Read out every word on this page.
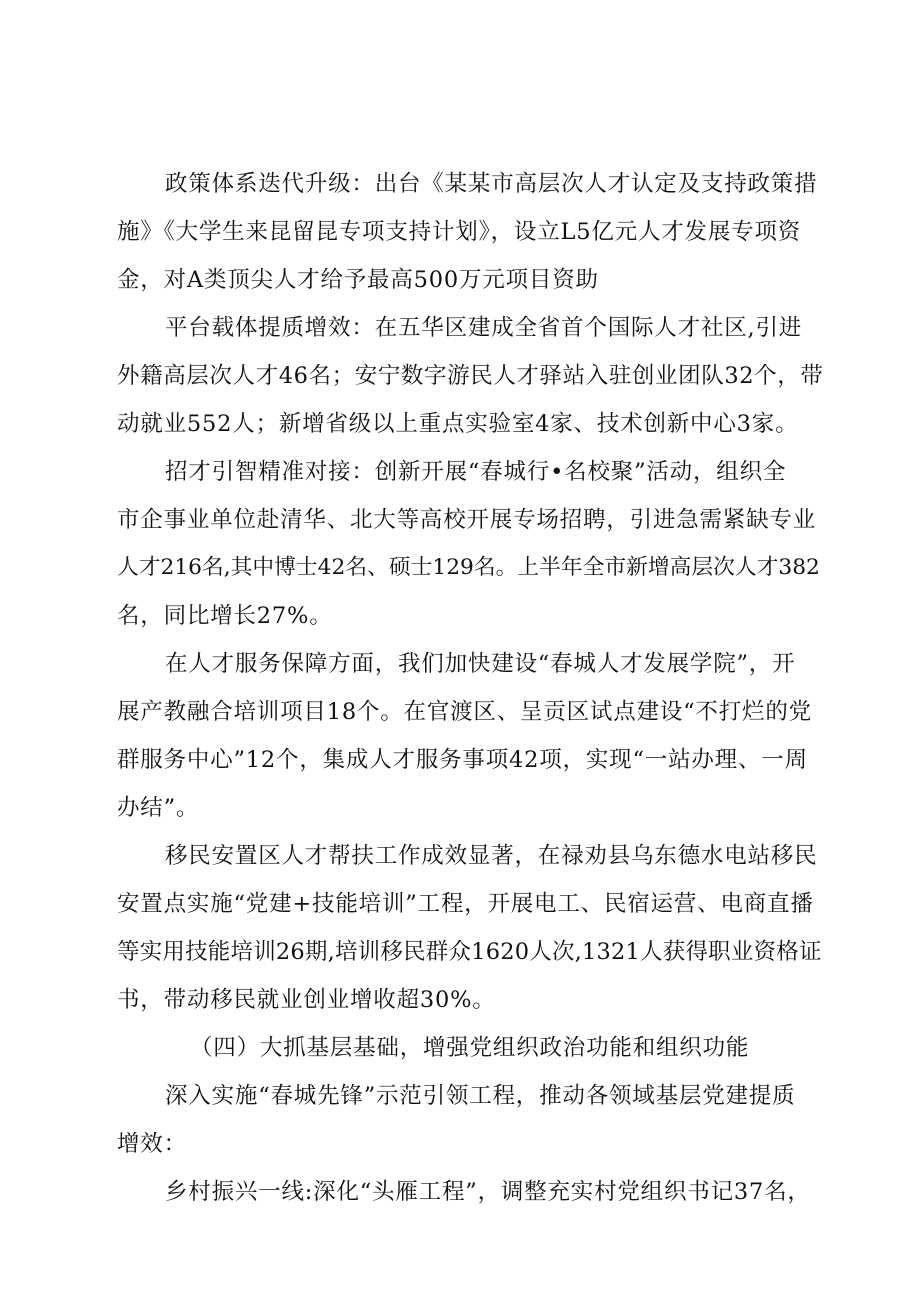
政策体系迭代升级：出台《某某市高层次人才认定及支持政策措
施》《大学生来昆留昆专项支持计划》，设立L5亿元人才发展专项资
金，对A类顶尖人才给予最高500万元项目资助
平台载体提质增效：在五华区建成全省首个国际人才社区,引进
外籍高层次人才46名；安宁数字游民人才驿站入驻创业团队32个，带
动就业552人；新增省级以上重点实验室4家、技术创新中心3家。
招才引智精准对接：创新开展“春城行•名校聚”活动，组织全
市企事业单位赴清华、北大等高校开展专场招聘，引进急需紧缺专业
人才216名,其中博士42名、硕士129名。上半年全市新增高层次人才382
名，同比增长27%。
在人才服务保障方面，我们加快建设“春城人才发展学院”，开
展产教融合培训项目18个。在官渡区、呈贡区试点建设“不打烂的党
群服务中心”12个，集成人才服务事项42项，实现“一站办理、一周
办结”。
移民安置区人才帮扶工作成效显著，在禄劝县乌东德水电站移民
安置点实施“党建+技能培训”工程，开展电工、民宿运营、电商直播
等实用技能培训26期,培训移民群众1620人次,1321人获得职业资格证
书，带动移民就业创业增收超30%。
（四）大抓基层基础，增强党组织政治功能和组织功能
深入实施“春城先锋”示范引领工程，推动各领域基层党建提质
增效：
乡村振兴一线:深化“头雁工程”，调整充实村党组织书记37名，
